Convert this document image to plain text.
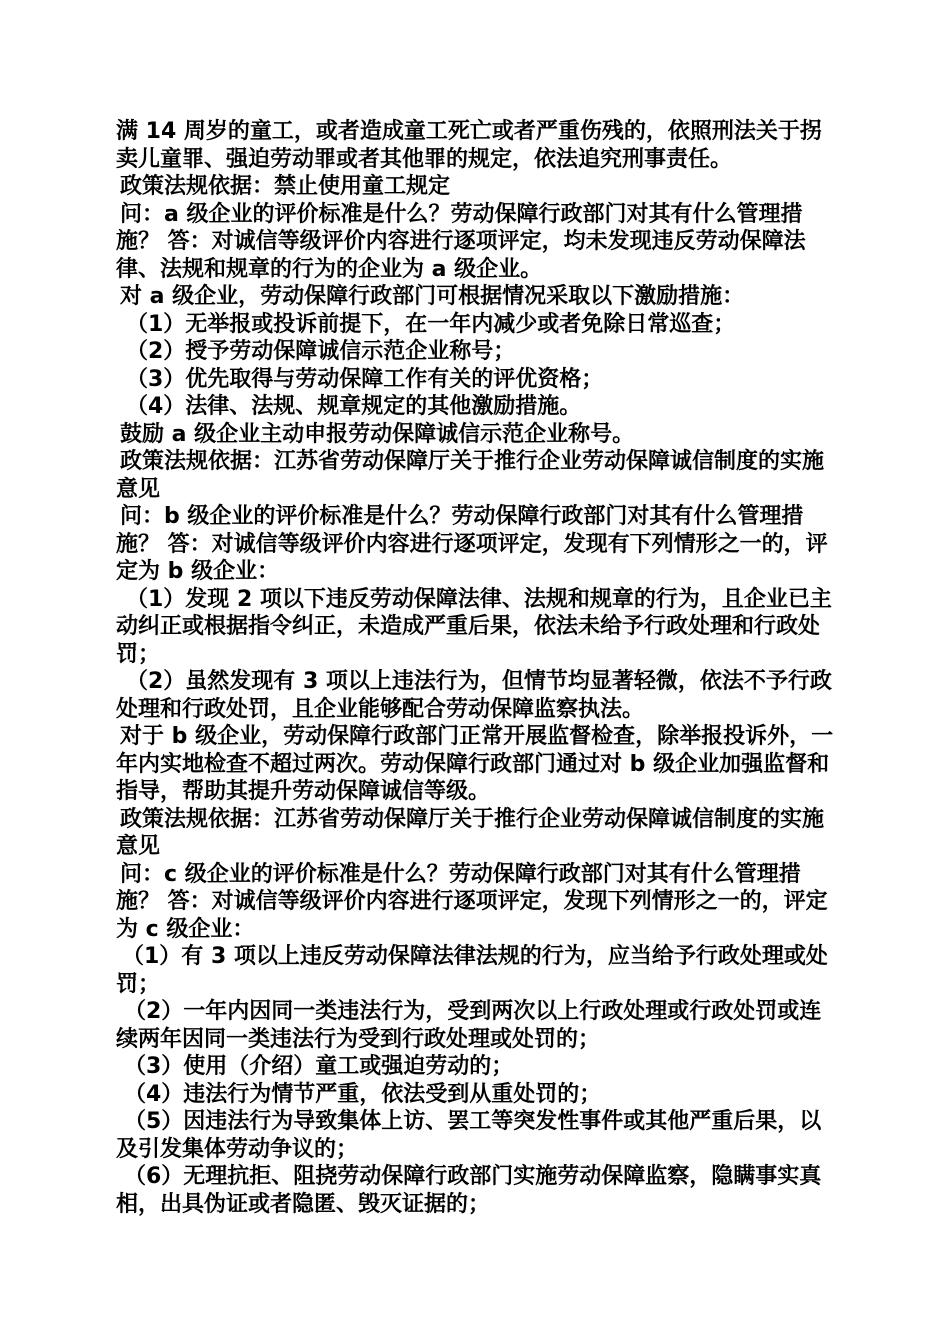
满 14 周岁的童工，或者造成童工死亡或者严重伤残的，依照刑法关于拐卖儿童罪、强迫劳动罪或者其他罪的规定，依法追究刑事责任。

政策法规依据：禁止使用童工规定

问：a 级企业的评价标准是什么？劳动保障行政部门对其有什么管理措施？ 答：对诚信等级评价内容进行逐项评定，均未发现违反劳动保障法律、法规和规章的行为的企业为 a 级企业。

对 a 级企业，劳动保障行政部门可根据情况采取以下激励措施：

（1）无举报或投诉前提下，在一年内减少或者免除日常巡查；

（2）授予劳动保障诚信示范企业称号；

（3）优先取得与劳动保障工作有关的评优资格；

（4）法律、法规、规章规定的其他激励措施。

鼓励 a 级企业主动申报劳动保障诚信示范企业称号。

政策法规依据：江苏省劳动保障厅关于推行企业劳动保障诚信制度的实施意见

问：b 级企业的评价标准是什么？劳动保障行政部门对其有什么管理措施？ 答：对诚信等级评价内容进行逐项评定，发现有下列情形之一的，评定为 b 级企业：

（1）发现 2 项以下违反劳动保障法律、法规和规章的行为，且企业已主动纠正或根据指令纠正，未造成严重后果，依法未给予行政处理和行政处罚；

（2）虽然发现有 3 项以上违法行为，但情节均显著轻微，依法不予行政处理和行政处罚，且企业能够配合劳动保障监察执法。

对于 b 级企业，劳动保障行政部门正常开展监督检查，除举报投诉外，一年内实地检查不超过两次。劳动保障行政部门通过对 b 级企业加强监督和指导，帮助其提升劳动保障诚信等级。

政策法规依据：江苏省劳动保障厅关于推行企业劳动保障诚信制度的实施意见

问：c 级企业的评价标准是什么？劳动保障行政部门对其有什么管理措施？ 答：对诚信等级评价内容进行逐项评定，发现下列情形之一的，评定为 c 级企业：

（1）有 3 项以上违反劳动保障法律法规的行为，应当给予行政处理或处罚；

（2）一年内因同一类违法行为，受到两次以上行政处理或行政处罚或连续两年因同一类违法行为受到行政处理或处罚的；

（3）使用（介绍）童工或强迫劳动的；

（4）违法行为情节严重，依法受到从重处罚的；

（5）因违法行为导致集体上访、罢工等突发性事件或其他严重后果，以及引发集体劳动争议的；

（6）无理抗拒、阻挠劳动保障行政部门实施劳动保障监察，隐瞒事实真相，出具伪证或者隐匿、毁灭证据的；
